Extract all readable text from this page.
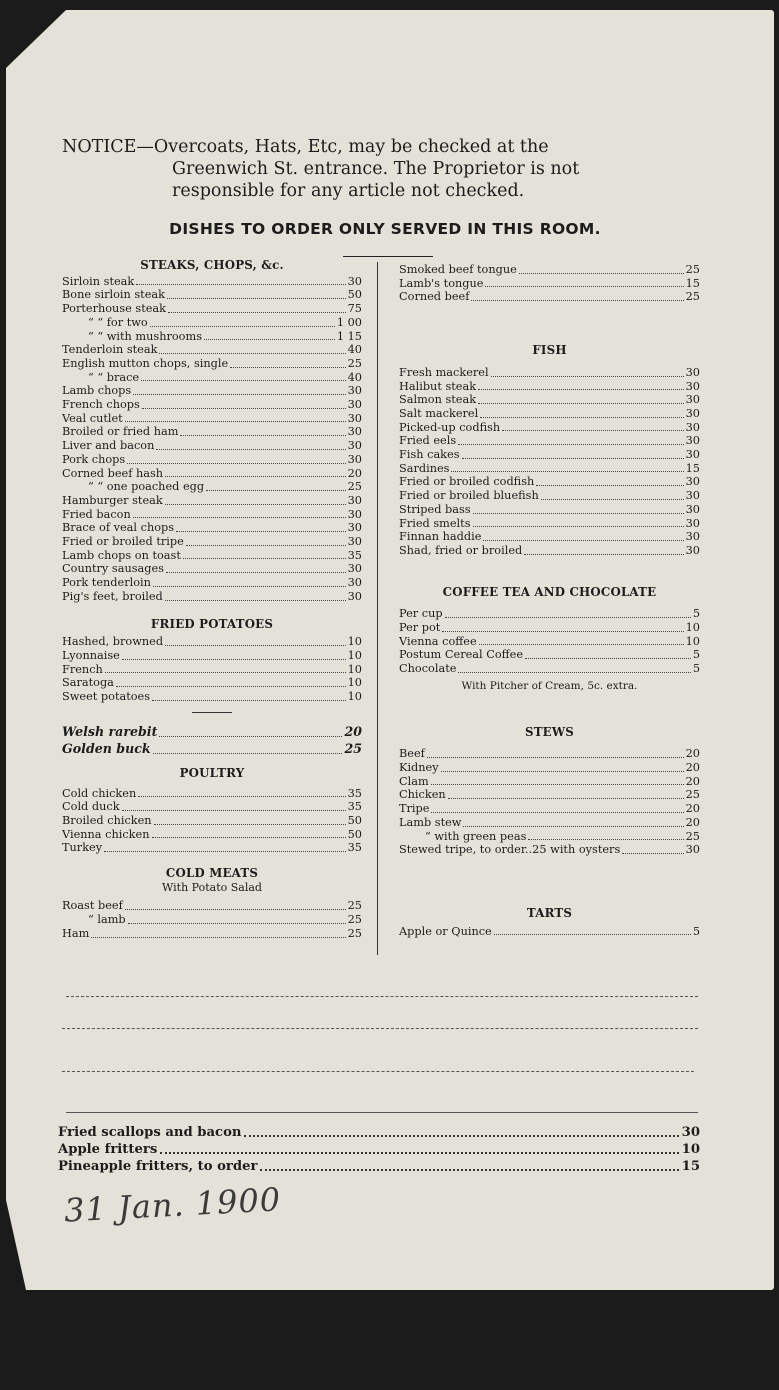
NOTICE—Overcoats, Hats, Etc, may be checked at the
Greenwich St. entrance. The Proprietor is not
responsible for any article not checked.
DISHES TO ORDER ONLY SERVED IN THIS ROOM.
STEAKS, CHOPS, &c.
Sirloin steak	30
Bone sirloin steak	50
Porterhouse steak	75
“ “ for two	1 00
“ “ with mushrooms	1 15
Tenderloin steak	40
English mutton chops, single	25
“ “ brace	40
Lamb chops	30
French chops	30
Veal cutlet	30
Broiled or fried ham	30
Liver and bacon	30
Pork chops	30
Corned beef hash	20
“ “ one poached egg	25
Hamburger steak	30
Fried bacon	30
Brace of veal chops	30
Fried or broiled tripe	30
Lamb chops on toast	35
Country sausages	30
Pork tenderloin	30
Pig's feet, broiled	30
FRIED POTATOES
Hashed, browned	10
Lyonnaise	10
French	10
Saratoga	10
Sweet potatoes	10
Welsh rarebit	20
Golden buck	25
POULTRY
Cold chicken	35
Cold duck	35
Broiled chicken	50
Vienna chicken	50
Turkey	35
COLD MEATS
With Potato Salad
Roast beef	25
“ lamb	25
Ham	25
Smoked beef tongue	25
Lamb's tongue	15
Corned beef	25
FISH
Fresh mackerel	30
Halibut steak	30
Salmon steak	30
Salt mackerel	30
Picked-up codfish	30
Fried eels	30
Fish cakes	30
Sardines	15
Fried or broiled codfish	30
Fried or broiled bluefish	30
Striped bass	30
Fried smelts	30
Finnan haddie	30
Shad, fried or broiled	30
COFFEE TEA AND CHOCOLATE
Per cup	5
Per pot	10
Vienna coffee	10
Postum Cereal Coffee	5
Chocolate	5
With Pitcher of Cream, 5c. extra.
STEWS
Beef	20
Kidney	20
Clam	20
Chicken	25
Tripe	20
Lamb stew	20
“ with green peas	25
Stewed tripe, to order..25 with oysters	30
TARTS
Apple or Quince	5
Fried scallops and bacon	30
Apple fritters	10
Pineapple fritters, to order	15
31 Jan. 1900
